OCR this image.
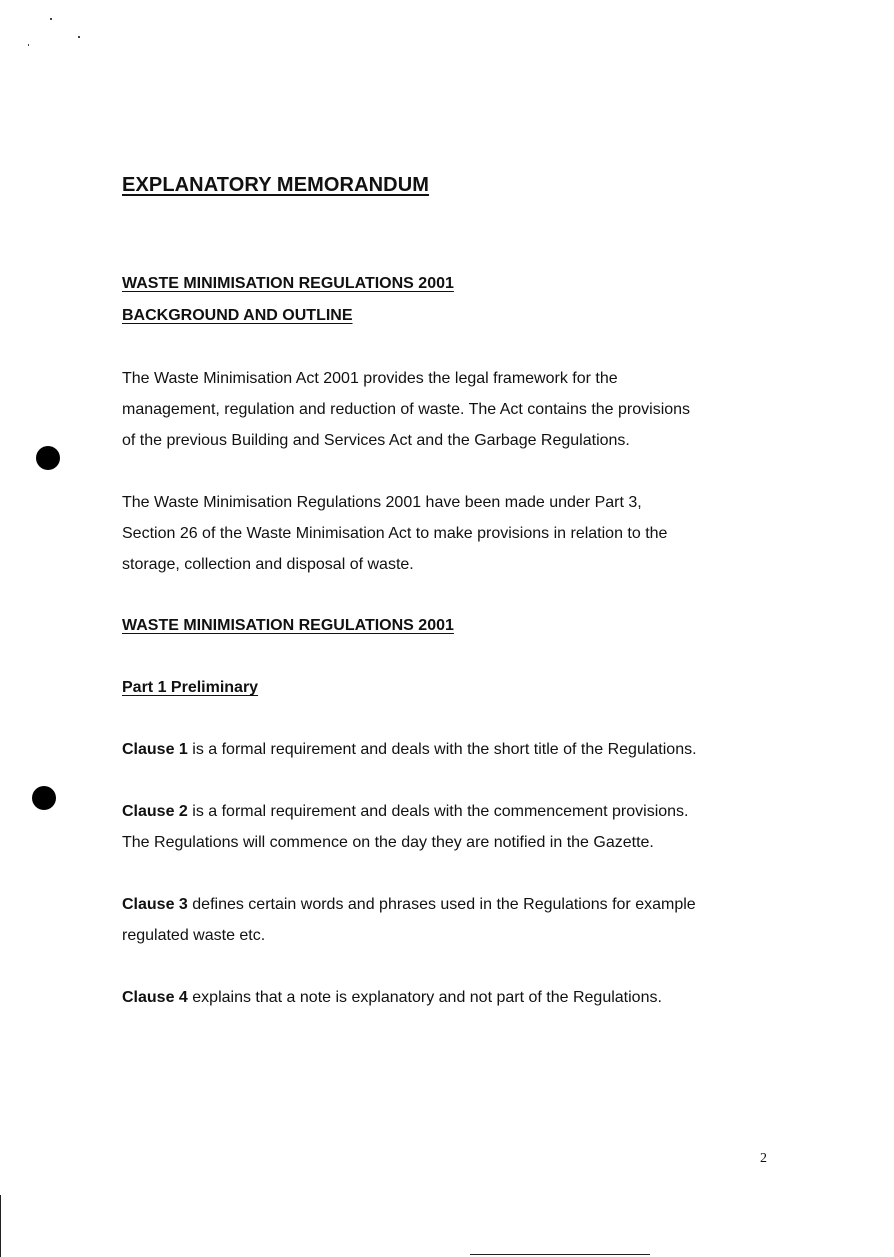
EXPLANATORY MEMORANDUM
WASTE MINIMISATION REGULATIONS 2001
BACKGROUND AND OUTLINE
The Waste Minimisation Act 2001 provides the legal framework for the
management, regulation and reduction of waste. The Act contains the provisions
of the previous Building and Services Act and the Garbage Regulations.
The Waste Minimisation Regulations 2001 have been made under Part 3,
Section 26 of the Waste Minimisation Act to make provisions in relation to the
storage, collection and disposal of waste.
WASTE MINIMISATION REGULATIONS 2001
Part 1 Preliminary
Clause 1 is a formal requirement and deals with the short title of the Regulations.
Clause 2 is a formal requirement and deals with the commencement provisions.
The Regulations will commence on the day they are notified in the Gazette.
Clause 3 defines certain words and phrases used in the Regulations for example
regulated waste etc.
Clause 4 explains that a note is explanatory and not part of the Regulations.
2
